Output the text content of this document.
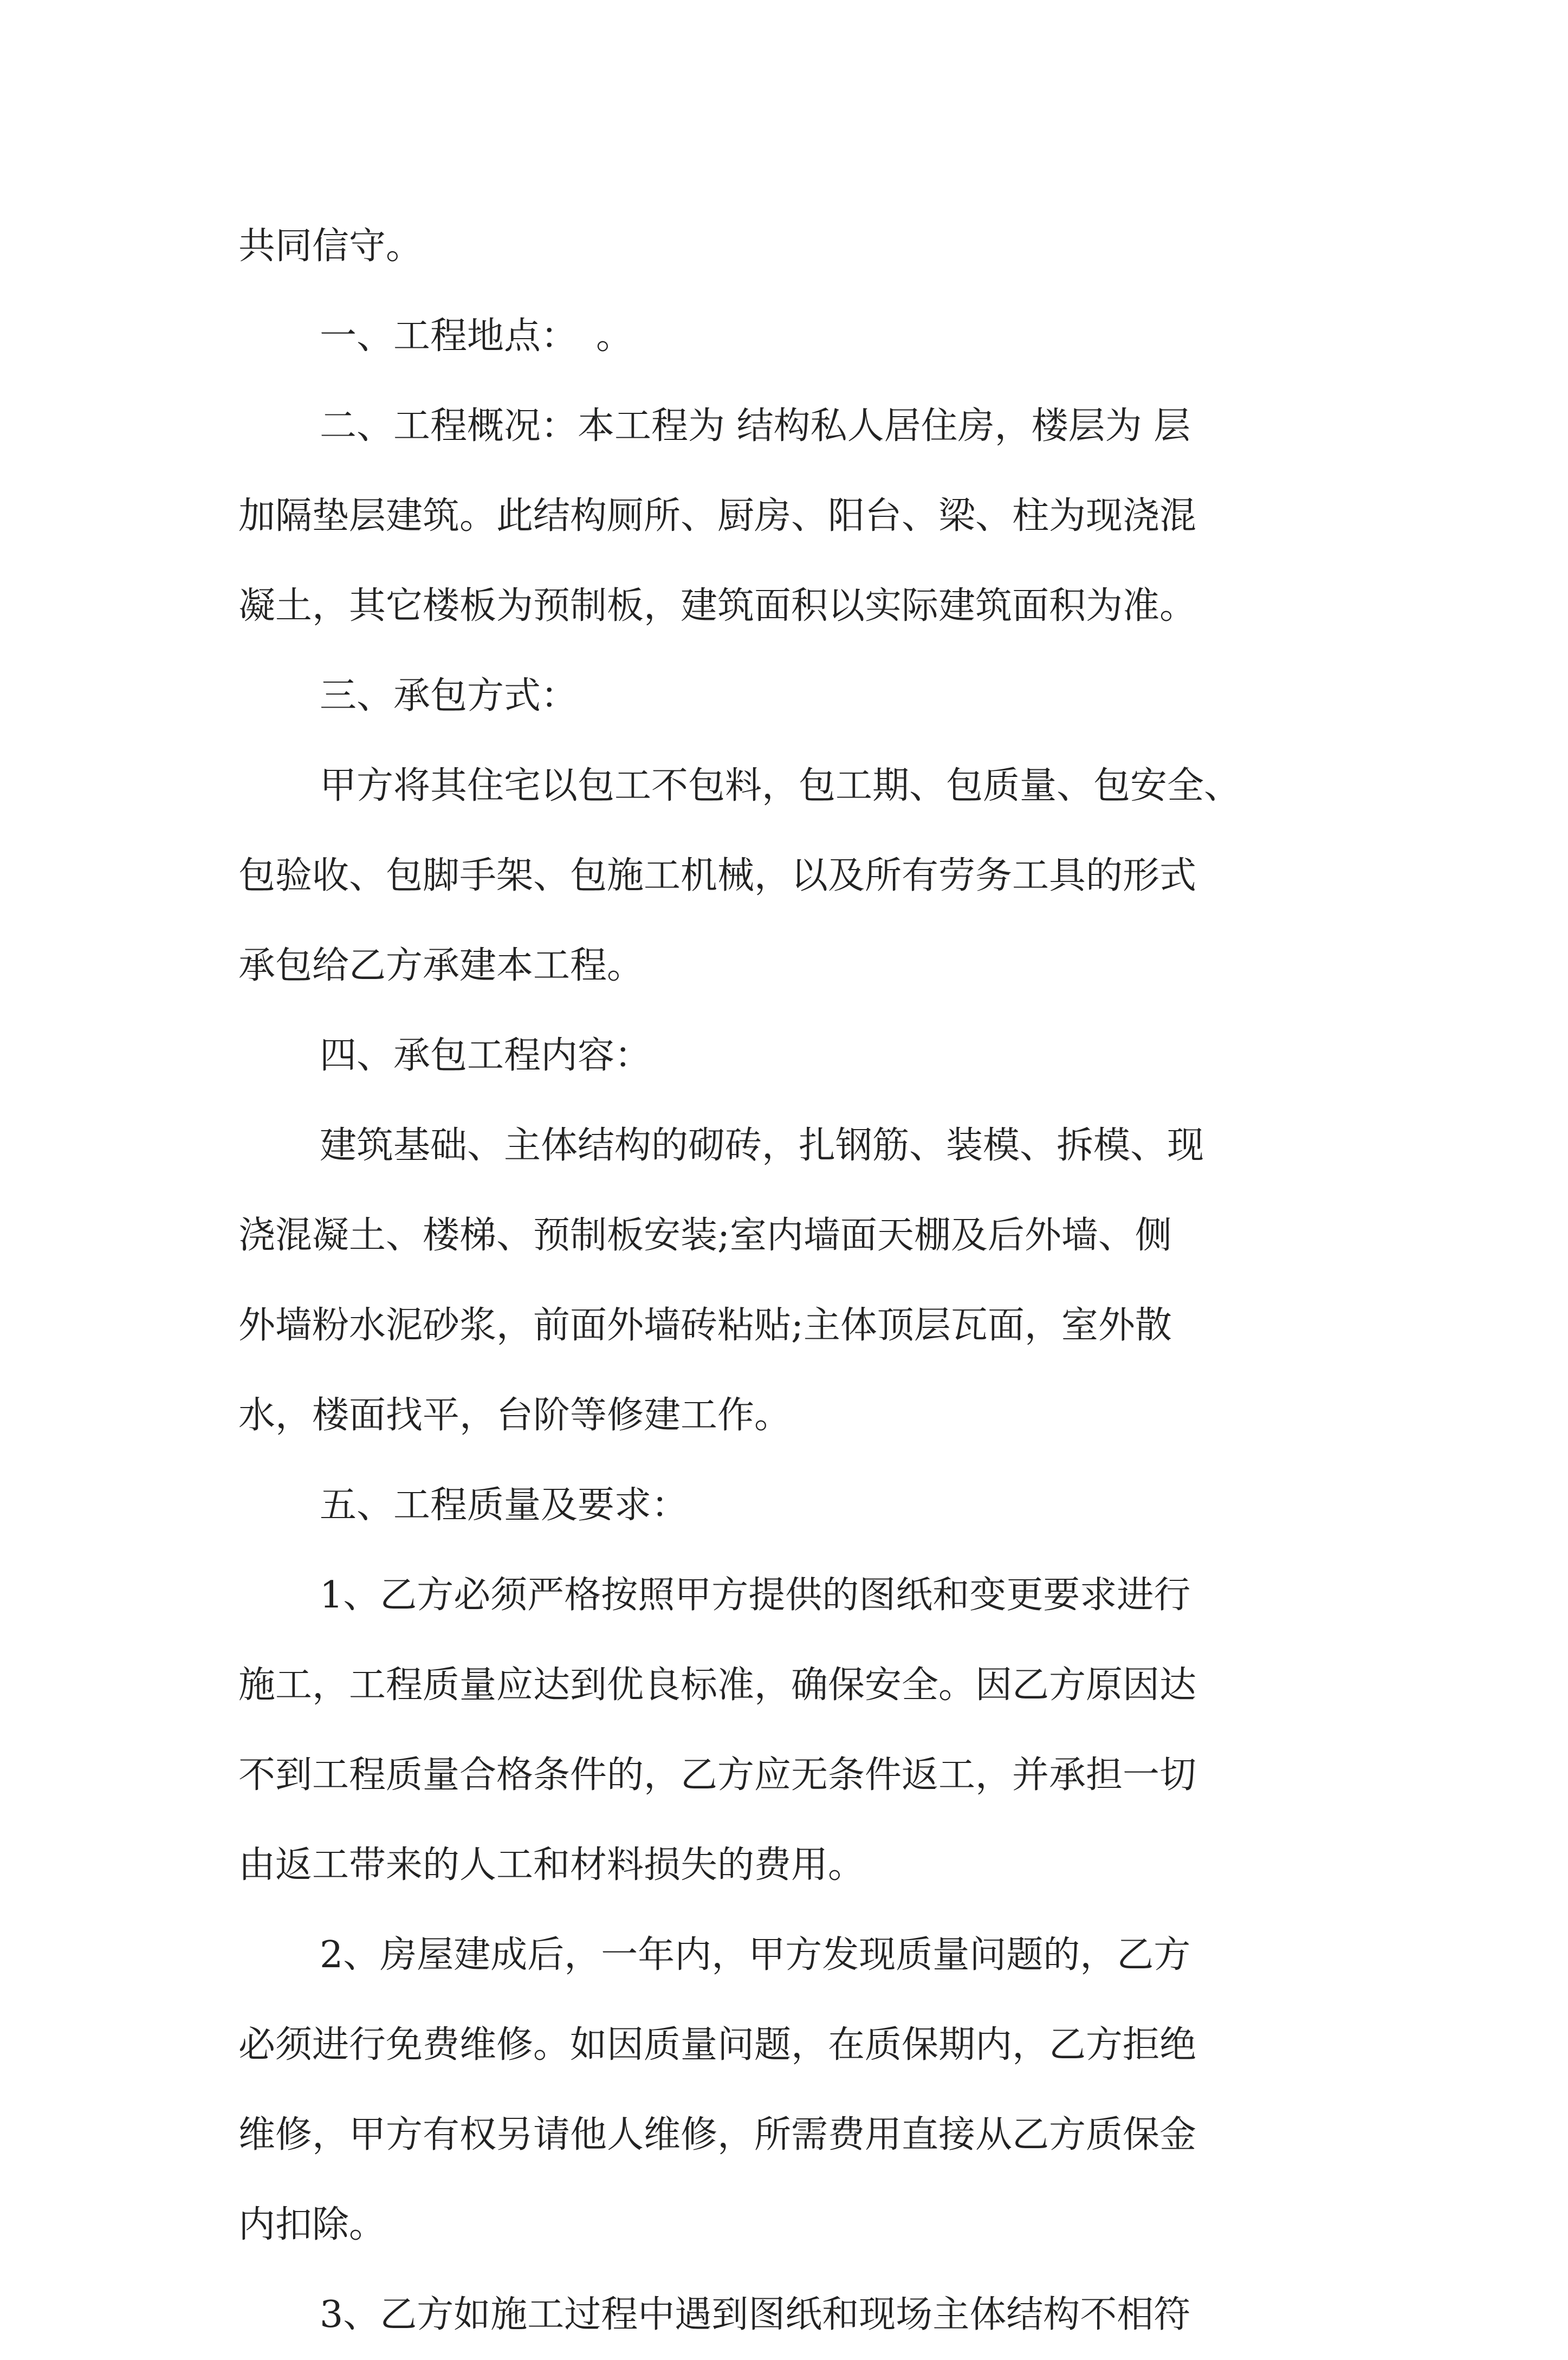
共同信守。
一、工程地点：　。
二、工程概况：本工程为 结构私人居住房，楼层为 层
加隔垫层建筑。此结构厕所、厨房、阳台、梁、柱为现浇混
凝土，其它楼板为预制板，建筑面积以实际建筑面积为准。
三、承包方式：
甲方将其住宅以包工不包料，包工期、包质量、包安全、
包验收、包脚手架、包施工机械，以及所有劳务工具的形式
承包给乙方承建本工程。
四、承包工程内容：
建筑基础、主体结构的砌砖，扎钢筋、装模、拆模、现
浇混凝土、楼梯、预制板安装;室内墙面天棚及后外墙、侧
外墙粉水泥砂浆，前面外墙砖粘贴;主体顶层瓦面，室外散
水，楼面找平，台阶等修建工作。
五、工程质量及要求：
1、乙方必须严格按照甲方提供的图纸和变更要求进行
施工，工程质量应达到优良标准，确保安全。因乙方原因达
不到工程质量合格条件的，乙方应无条件返工，并承担一切
由返工带来的人工和材料损失的费用。
2、房屋建成后，一年内，甲方发现质量问题的，乙方
必须进行免费维修。如因质量问题，在质保期内，乙方拒绝
维修，甲方有权另请他人维修，所需费用直接从乙方质保金
内扣除。
3、乙方如施工过程中遇到图纸和现场主体结构不相符
